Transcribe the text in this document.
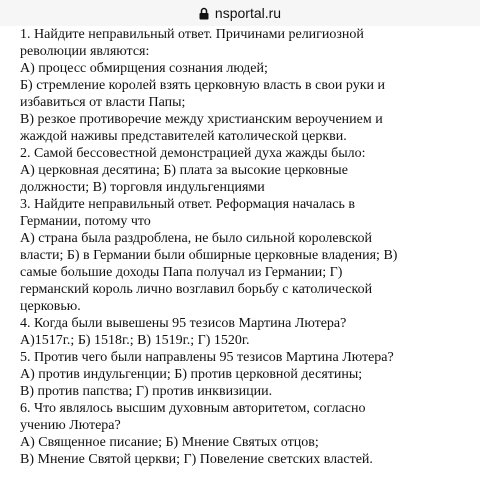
nsportal.ru
1. Найдите неправильный ответ. Причинами религиозной
революции являются:
А) процесс обмирщения сознания людей;
Б) стремление королей взять церковную власть в свои руки и
избавиться от власти Папы;
В) резкое противоречие между христианским вероучением и
жаждой наживы представителей католической церкви.
2. Самой бессовестной демонстрацией духа жажды было:
А) церковная десятина; Б) плата за высокие церковные
должности; В) торговля индульгенциями
3. Найдите неправильный ответ. Реформация началась в
Германии, потому что
А) страна была раздроблена, не было сильной королевской
власти; Б) в Германии были обширные церковные владения; В)
самые большие доходы Папа получал из Германии; Г)
германский король лично возглавил борьбу с католической
церковью.
4. Когда были вывешены 95 тезисов Мартина Лютера?
А)1517г.; Б) 1518г.; В) 1519г.; Г) 1520г.
5. Против чего были направлены 95 тезисов Мартина Лютера?
А) против индульгенции; Б) против церковной десятины;
В) против папства; Г) против инквизиции.
6. Что являлось высшим духовным авторитетом, согласно
учению Лютера?
А) Священное писание; Б) Мнение Святых отцов;
В) Мнение Святой церкви; Г) Повеление светских властей.
